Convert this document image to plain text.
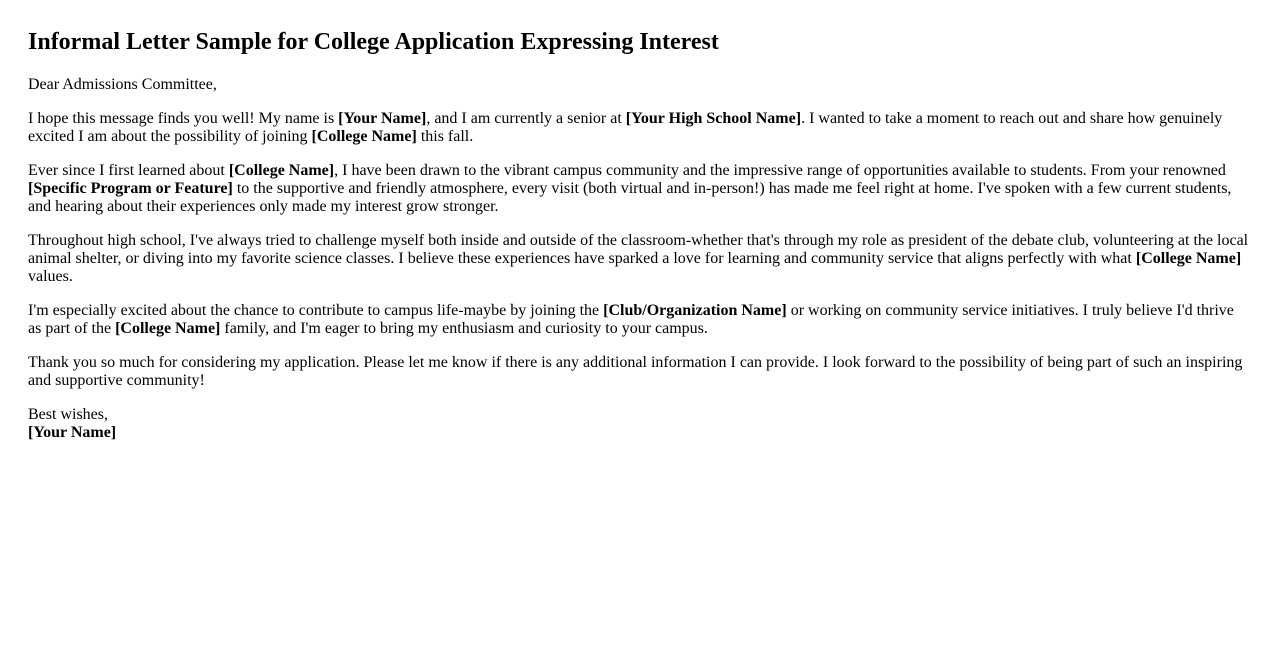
Informal Letter Sample for College Application Expressing Interest

Dear Admissions Committee,

I hope this message finds you well! My name is [Your Name], and I am currently a senior at [Your High School Name]. I wanted to take a moment to reach out and share how genuinely excited I am about the possibility of joining [College Name] this fall.

Ever since I first learned about [College Name], I have been drawn to the vibrant campus community and the impressive range of opportunities available to students. From your renowned [Specific Program or Feature] to the supportive and friendly atmosphere, every visit (both virtual and in-person!) has made me feel right at home. I've spoken with a few current students, and hearing about their experiences only made my interest grow stronger.

Throughout high school, I've always tried to challenge myself both inside and outside of the classroom-whether that's through my role as president of the debate club, volunteering at the local animal shelter, or diving into my favorite science classes. I believe these experiences have sparked a love for learning and community service that aligns perfectly with what [College Name] values.

I'm especially excited about the chance to contribute to campus life-maybe by joining the [Club/Organization Name] or working on community service initiatives. I truly believe I'd thrive as part of the [College Name] family, and I'm eager to bring my enthusiasm and curiosity to your campus.

Thank you so much for considering my application. Please let me know if there is any additional information I can provide. I look forward to the possibility of being part of such an inspiring and supportive community!

Best wishes,
[Your Name]
